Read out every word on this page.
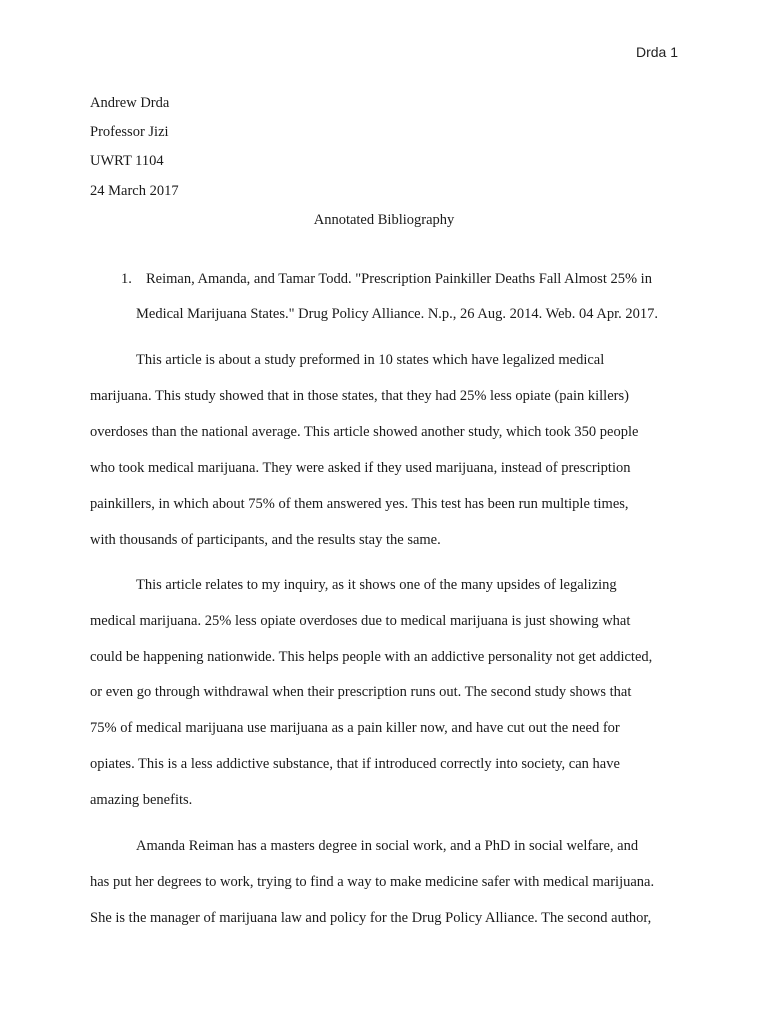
Drda 1
Andrew Drda
Professor Jizi
UWRT 1104
24 March 2017
Annotated Bibliography
1. Reiman, Amanda, and Tamar Todd. "Prescription Painkiller Deaths Fall Almost 25% in
Medical Marijuana States." Drug Policy Alliance. N.p., 26 Aug. 2014. Web. 04 Apr. 2017.
This article is about a study preformed in 10 states which have legalized medical
marijuana. This study showed that in those states, that they had 25% less opiate (pain killers)
overdoses than the national average. This article showed another study, which took 350 people
who took medical marijuana. They were asked if they used marijuana, instead of prescription
painkillers, in which about 75% of them answered yes. This test has been run multiple times,
with thousands of participants, and the results stay the same.
This article relates to my inquiry, as it shows one of the many upsides of legalizing
medical marijuana. 25% less opiate overdoses due to medical marijuana is just showing what
could be happening nationwide. This helps people with an addictive personality not get addicted,
or even go through withdrawal when their prescription runs out. The second study shows that
75% of medical marijuana use marijuana as a pain killer now, and have cut out the need for
opiates. This is a less addictive substance, that if introduced correctly into society, can have
amazing benefits.
Amanda Reiman has a masters degree in social work, and a PhD in social welfare, and
has put her degrees to work, trying to find a way to make medicine safer with medical marijuana.
She is the manager of marijuana law and policy for the Drug Policy Alliance. The second author,
